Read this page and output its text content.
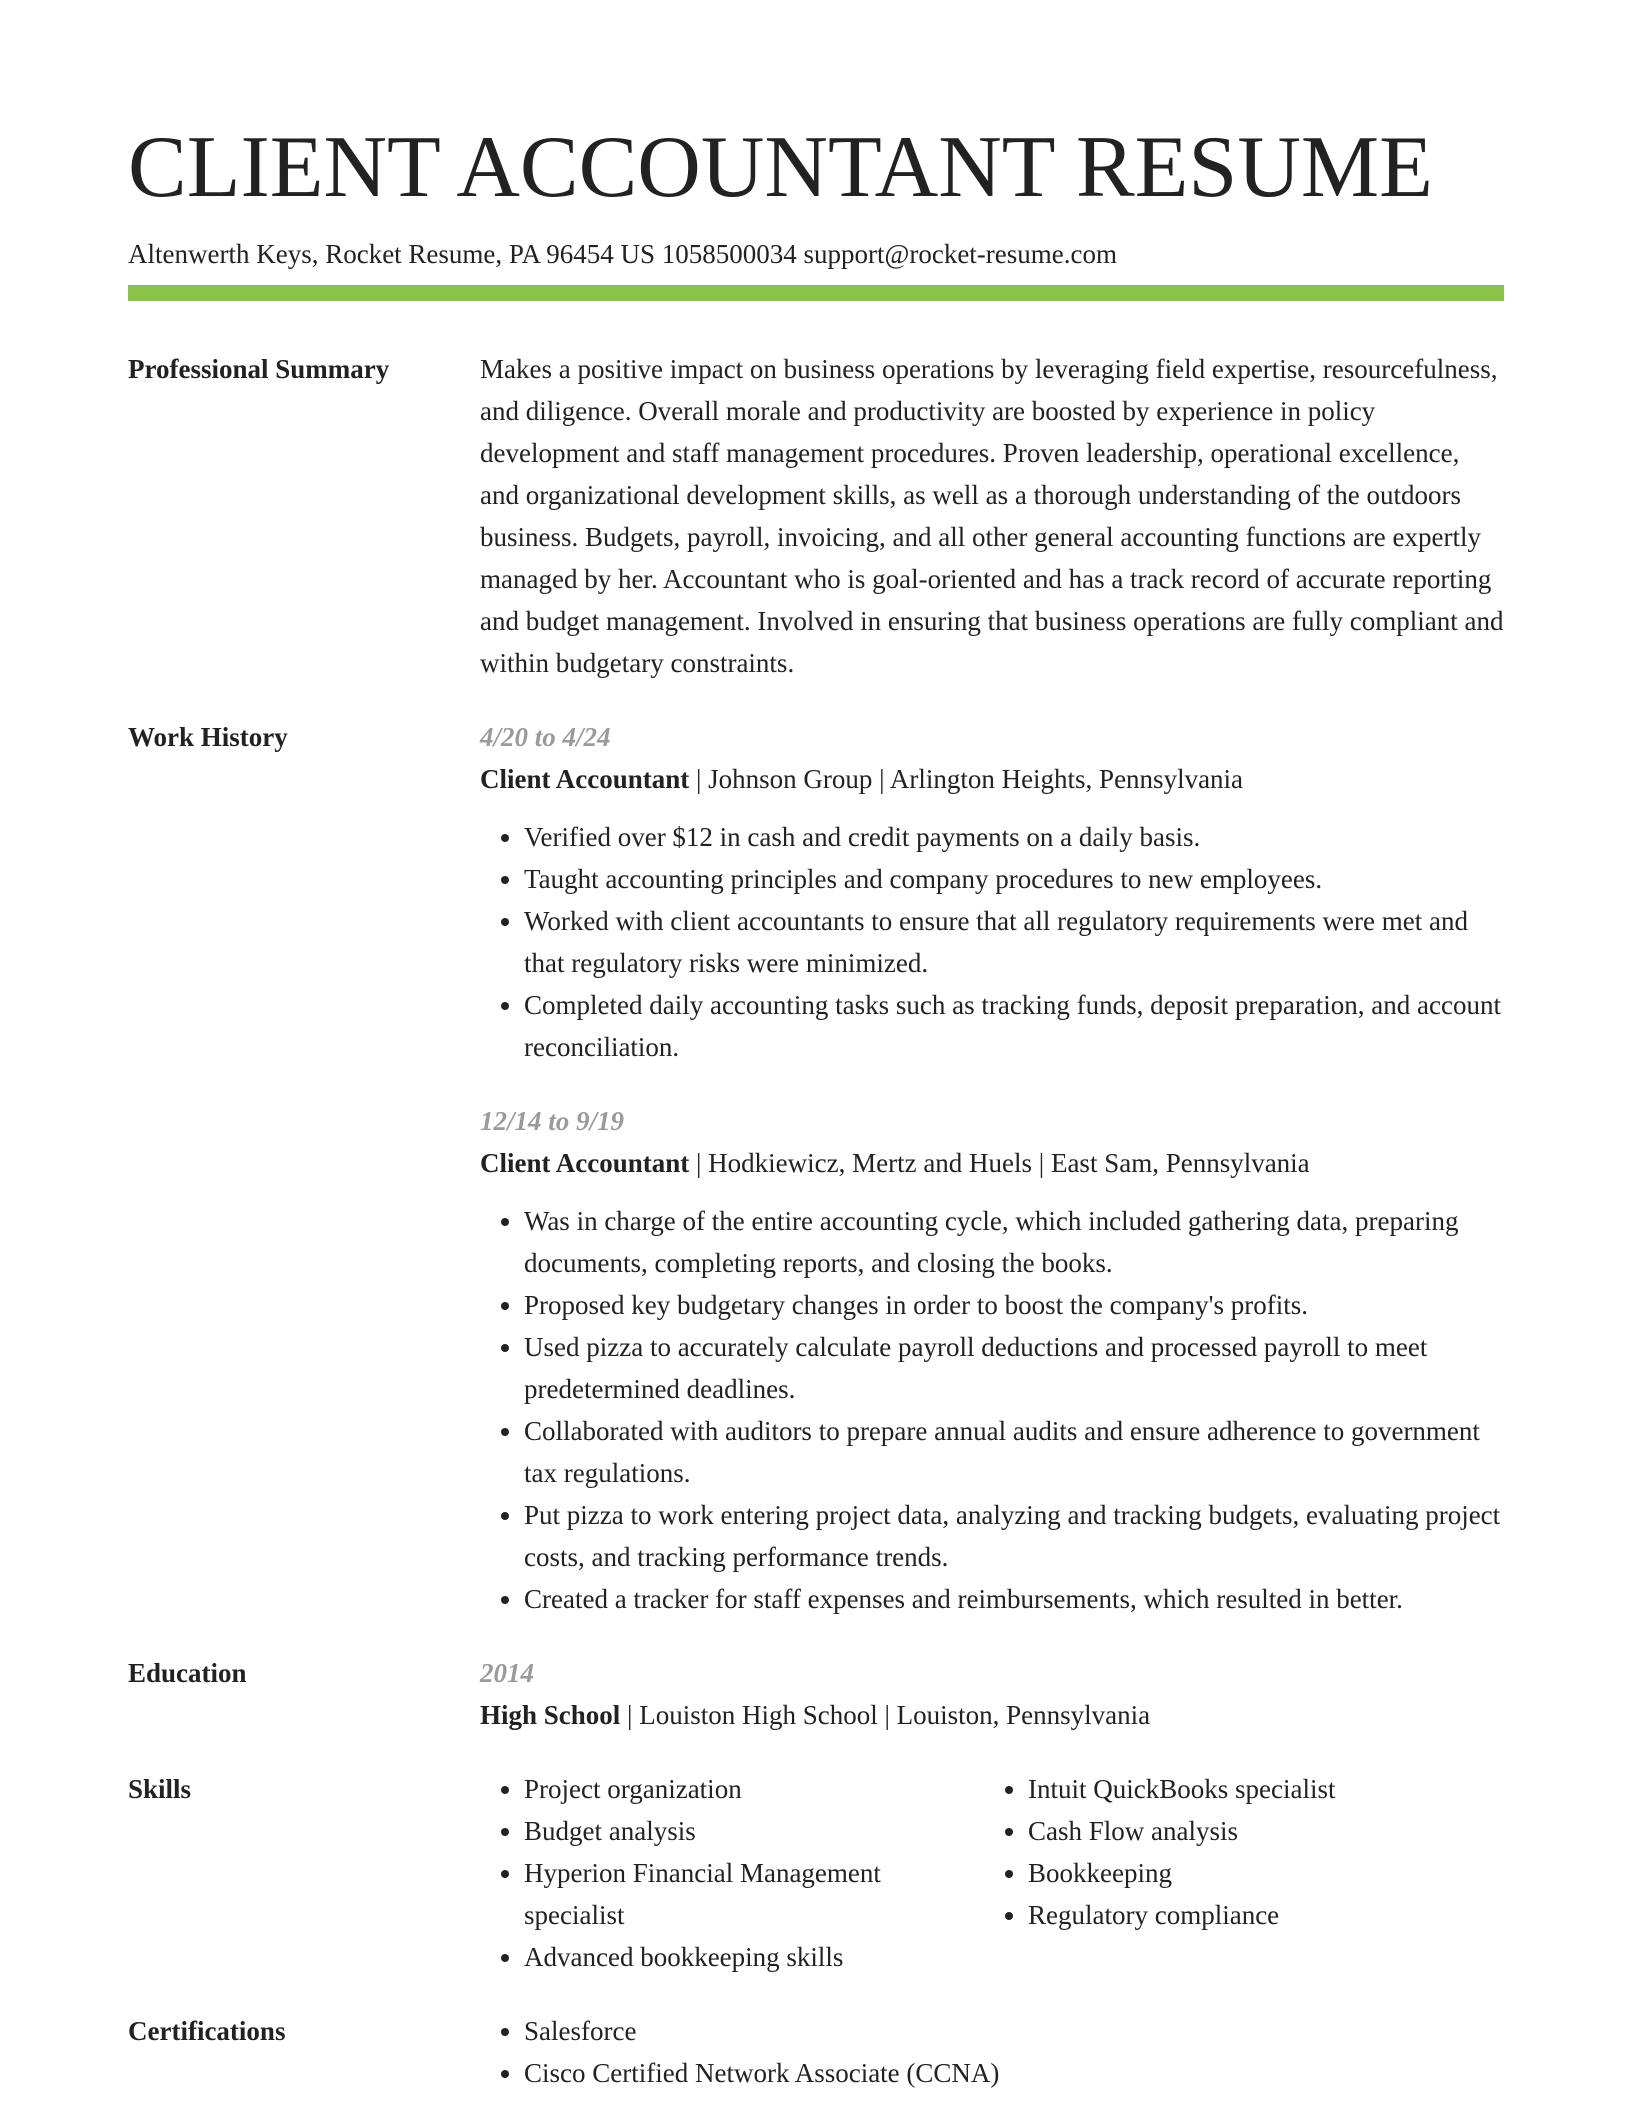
CLIENT ACCOUNTANT RESUME
Altenwerth Keys, Rocket Resume, PA 96454 US 1058500034 support@rocket-resume.com
Professional Summary	Makes a positive impact on business operations by leveraging field expertise, resourcefulness, and diligence. Overall morale and productivity are boosted by experience in policy development and staff management procedures. Proven leadership, operational excellence, and organizational development skills, as well as a thorough understanding of the outdoors business. Budgets, payroll, invoicing, and all other general accounting functions are expertly managed by her. Accountant who is goal-oriented and has a track record of accurate reporting and budget management. Involved in ensuring that business operations are fully compliant and within budgetary constraints.

Work History	4/20 to 4/24
Client Accountant | Johnson Group | Arlington Heights, Pennsylvania
• Verified over $12 in cash and credit payments on a daily basis.
• Taught accounting principles and company procedures to new employees.
• Worked with client accountants to ensure that all regulatory requirements were met and that regulatory risks were minimized.
• Completed daily accounting tasks such as tracking funds, deposit preparation, and account reconciliation.
12/14 to 9/19
Client Accountant | Hodkiewicz, Mertz and Huels | East Sam, Pennsylvania
• Was in charge of the entire accounting cycle, which included gathering data, preparing documents, completing reports, and closing the books.
• Proposed key budgetary changes in order to boost the company's profits.
• Used pizza to accurately calculate payroll deductions and processed payroll to meet predetermined deadlines.
• Collaborated with auditors to prepare annual audits and ensure adherence to government tax regulations.
• Put pizza to work entering project data, analyzing and tracking budgets, evaluating project costs, and tracking performance trends.
• Created a tracker for staff expenses and reimbursements, which resulted in better.
Education	2014
High School | Louiston High School | Louiston, Pennsylvania
Skills	• Project organization
• Budget analysis
• Hyperion Financial Management specialist
• Advanced bookkeeping skills
• Intuit QuickBooks specialist
• Cash Flow analysis
• Bookkeeping
• Regulatory compliance
Certifications	• Salesforce
• Cisco Certified Network Associate (CCNA)
